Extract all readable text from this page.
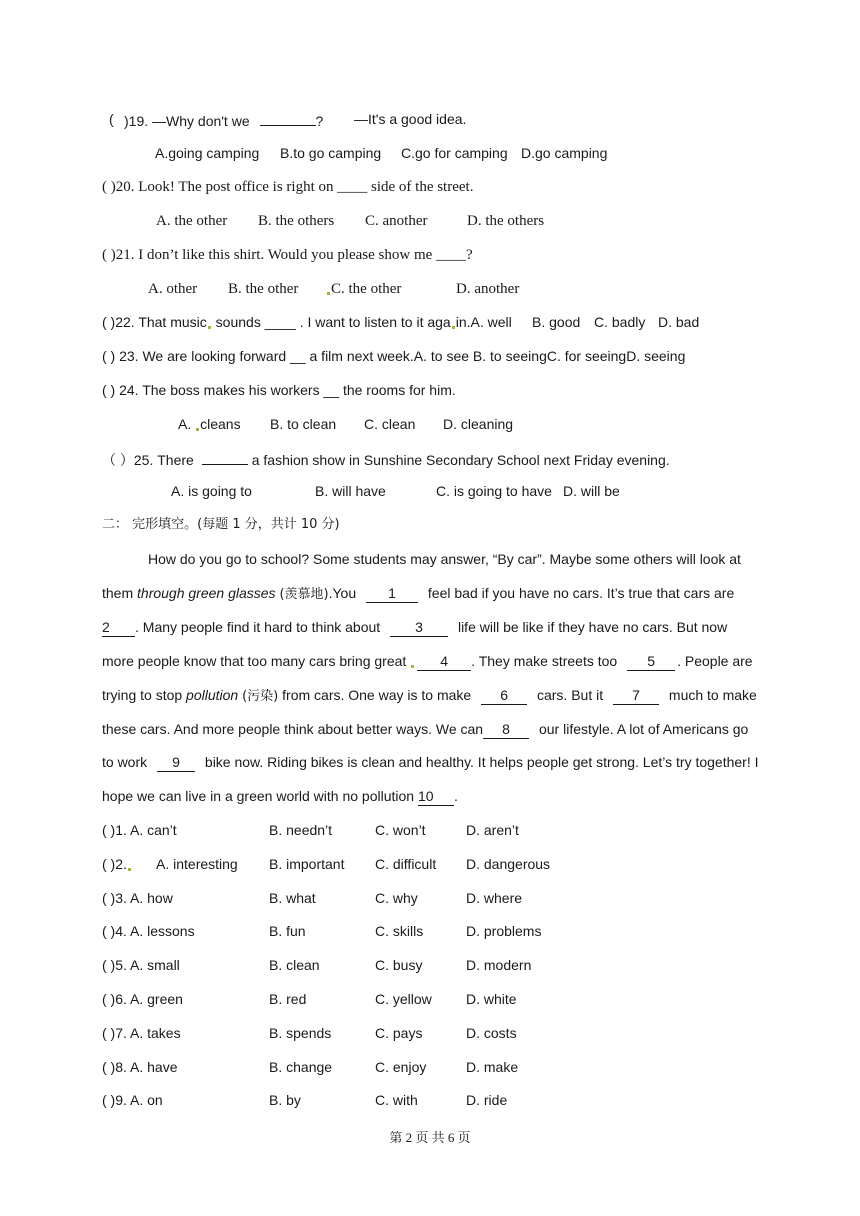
( )19. —Why don't we	? —It's a good idea.
A.going camping B.to go camping C.go for camping D.go camping
( )20. Look! The post office is right on ____ side of the street.
A. the other B. the others C. another	D. the others
( )21. I don’t like this shirt. Would you please show me ____?
A. other B. the other	C. the other	D. another
( )22. That music sounds ____ . I want to listen to it aga in.A. well B. good C. badly D. bad
( ) 23. We are looking forward __ a film next week.A. to see B. to seeingC. for seeingD. seeing
( ) 24. The boss makes his workers __ the rooms for him.
A. cleans B. to clean C. clean D. cleaning
（ ）25. There	a fashion show in Sunshine Secondary School next Friday evening.
A. is going to	B. will have	C. is going to have D. will be
二： 完形填空。(每题 1 分，共计 10 分)
How do you go to school? Some students may answer, “By car”. Maybe some others will look at
them through green glasses (羡慕地).You 1 feel bad if you have no cars. It’s true that cars are
2 . Many people find it hard to think about 3	life will be like if they have no cars. But now
more people know that too many cars bring great 4 . They make streets too 5 . People are
trying to stop pollution (污染) from cars. One way is to make 6 cars. But it 7 much to make
these cars. And more people think about better ways. We can 8 our lifestyle. A lot of Americans go
to work 9 bike now. Riding bikes is clean and healthy. It helps people get strong. Let’s try together! I
hope we can live in a green world with no pollution 10 .
( )1. A. can’t	B. needn’t	C. won’t	D. aren’t
( )2.	A. interesting B. important C. difficult D. dangerous
( )3. A. how	B. what	C. why	D. where
( )4. A. lessons	B. fun	C. skills	D. problems
( )5. A. small	B. clean	C. busy	D. modern
( )6. A. green	B. red	C. yellow D. white
( )7. A. takes	B. spends	C. pays	D. costs
( )8. A. have	B. change	C. enjoy	D. make
( )9. A. on	B. by	C. with	D. ride
第 2 页 共 6 页
